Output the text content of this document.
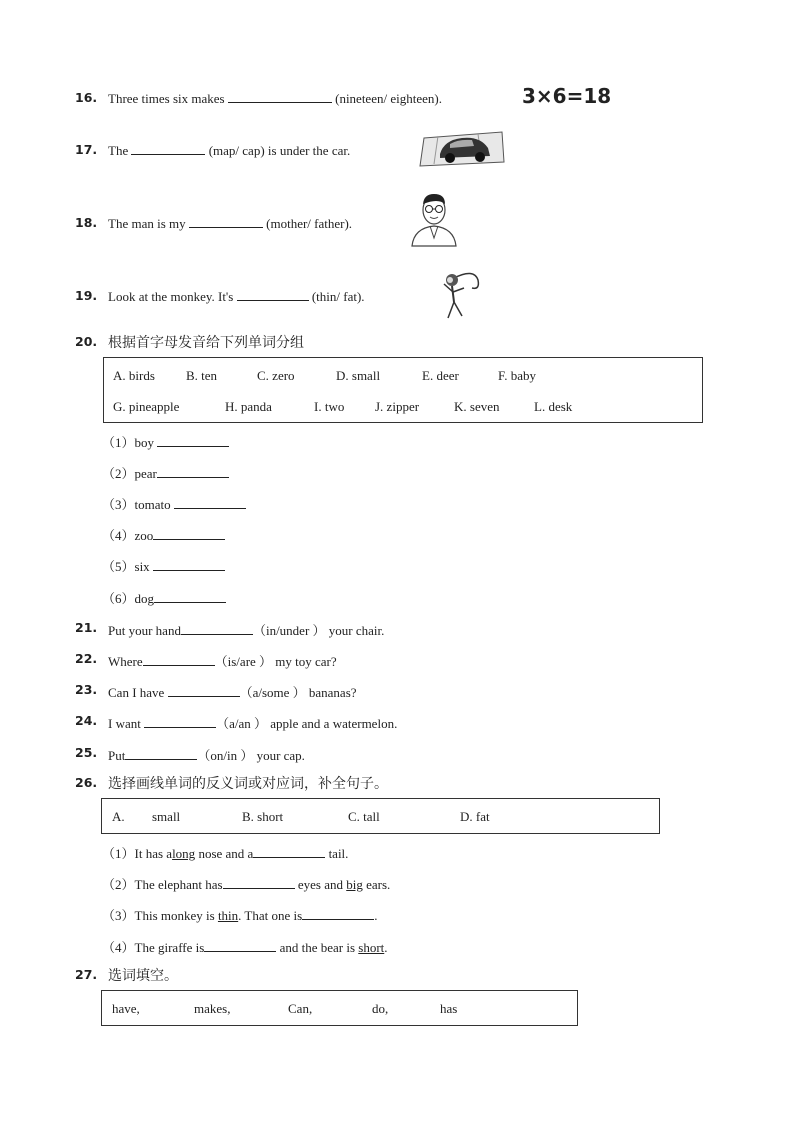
16. Three times six makes	(nineteen/ eighteen).	3×6=18
17. The	(map/ cap) is under the car.
18. The man is my	(mother/ father).
19. Look at the monkey. It's	(thin/ fat).
20. 根据首字母发音给下列单词分组
A. birds B. ten	C. zero	D. small	E. deer	F. baby
G. pineapple	H. panda	I. two J. zipper	K. seven	L. desk
（1）boy
（2）pear
（3）tomato
（4）zoo
（5）six
（6）dog
21. Put your hand	（in/under ） your chair.
22. Where	（is/are ） my toy car?
23. Can I have	（a/some ） bananas?
24. I want	（a/an ） apple and a watermelon.
25. Put	（on/in ） your cap.
26. 选择画线单词的反义词或对应词，补全句子。
A. small	B. short	C. tall	D. fat
（1）It has along nose and a	tail.
（2）The elephant has	eyes and big ears.
（3）This monkey is thin. That one is	.
（4）The giraffe is	and the bear is short.
27. 选词填空。
have,	makes,	Can,	do,	has
